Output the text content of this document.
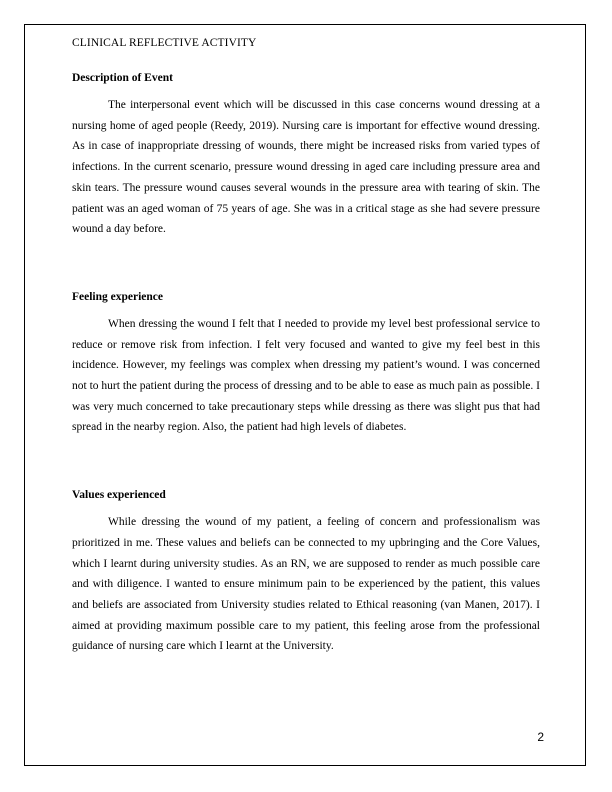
CLINICAL REFLECTIVE ACTIVITY

Description of Event

The interpersonal event which will be discussed in this case concerns wound dressing at a nursing home of aged people (Reedy, 2019). Nursing care is important for effective wound dressing. As in case of inappropriate dressing of wounds, there might be increased risks from varied types of infections. In the current scenario, pressure wound dressing in aged care including pressure area and skin tears. The pressure wound causes several wounds in the pressure area with tearing of skin. The patient was an aged woman of 75 years of age. She was in a critical stage as she had severe pressure wound a day before.

Feeling experience

When dressing the wound I felt that I needed to provide my level best professional service to reduce or remove risk from infection. I felt very focused and wanted to give my feel best in this incidence. However, my feelings was complex when dressing my patient’s wound. I was concerned not to hurt the patient during the process of dressing and to be able to ease as much pain as possible. I was very much concerned to take precautionary steps while dressing as there was slight pus that had spread in the nearby region. Also, the patient had high levels of diabetes.

Values experienced

While dressing the wound of my patient, a feeling of concern and professionalism was prioritized in me. These values and beliefs can be connected to my upbringing and the Core Values, which I learnt during university studies. As an RN, we are supposed to render as much possible care and with diligence. I wanted to ensure minimum pain to be experienced by the patient, this values and beliefs are associated from University studies related to Ethical reasoning (van Manen, 2017). I aimed at providing maximum possible care to my patient, this feeling arose from the professional guidance of nursing care which I learnt at the University.

2
